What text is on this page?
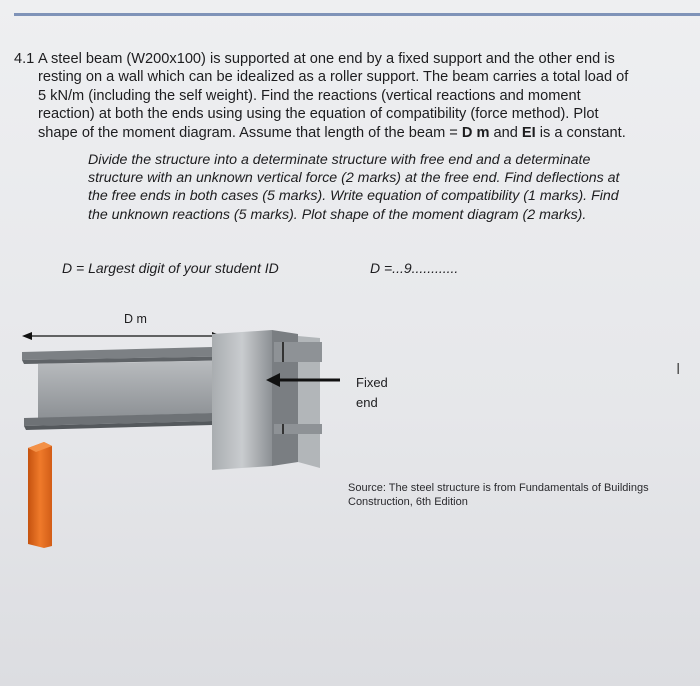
4.1 A steel beam (W200x100) is supported at one end by a fixed support and the other end is
resting on a wall which can be idealized as a roller support. The beam carries a total load of
5 kN/m (including the self weight). Find the reactions (vertical reactions and moment
reaction) at both the ends using using the equation of compatibility (force method). Plot
shape of the moment diagram. Assume that length of the beam = D m and EI is a constant.
Divide the structure into a determinate structure with free end and a determinate
structure with an unknown vertical force (2 marks) at the free end. Find deflections at
the free ends in both cases (5 marks). Write equation of compatibility (1 marks). Find
the unknown reactions (5 marks). Plot shape of the moment diagram (2 marks).
D = Largest digit of your student ID	D =...9............
D m
Fixed
end
Source: The steel structure is from Fundamentals of Buildings
Construction, 6th Edition
I
